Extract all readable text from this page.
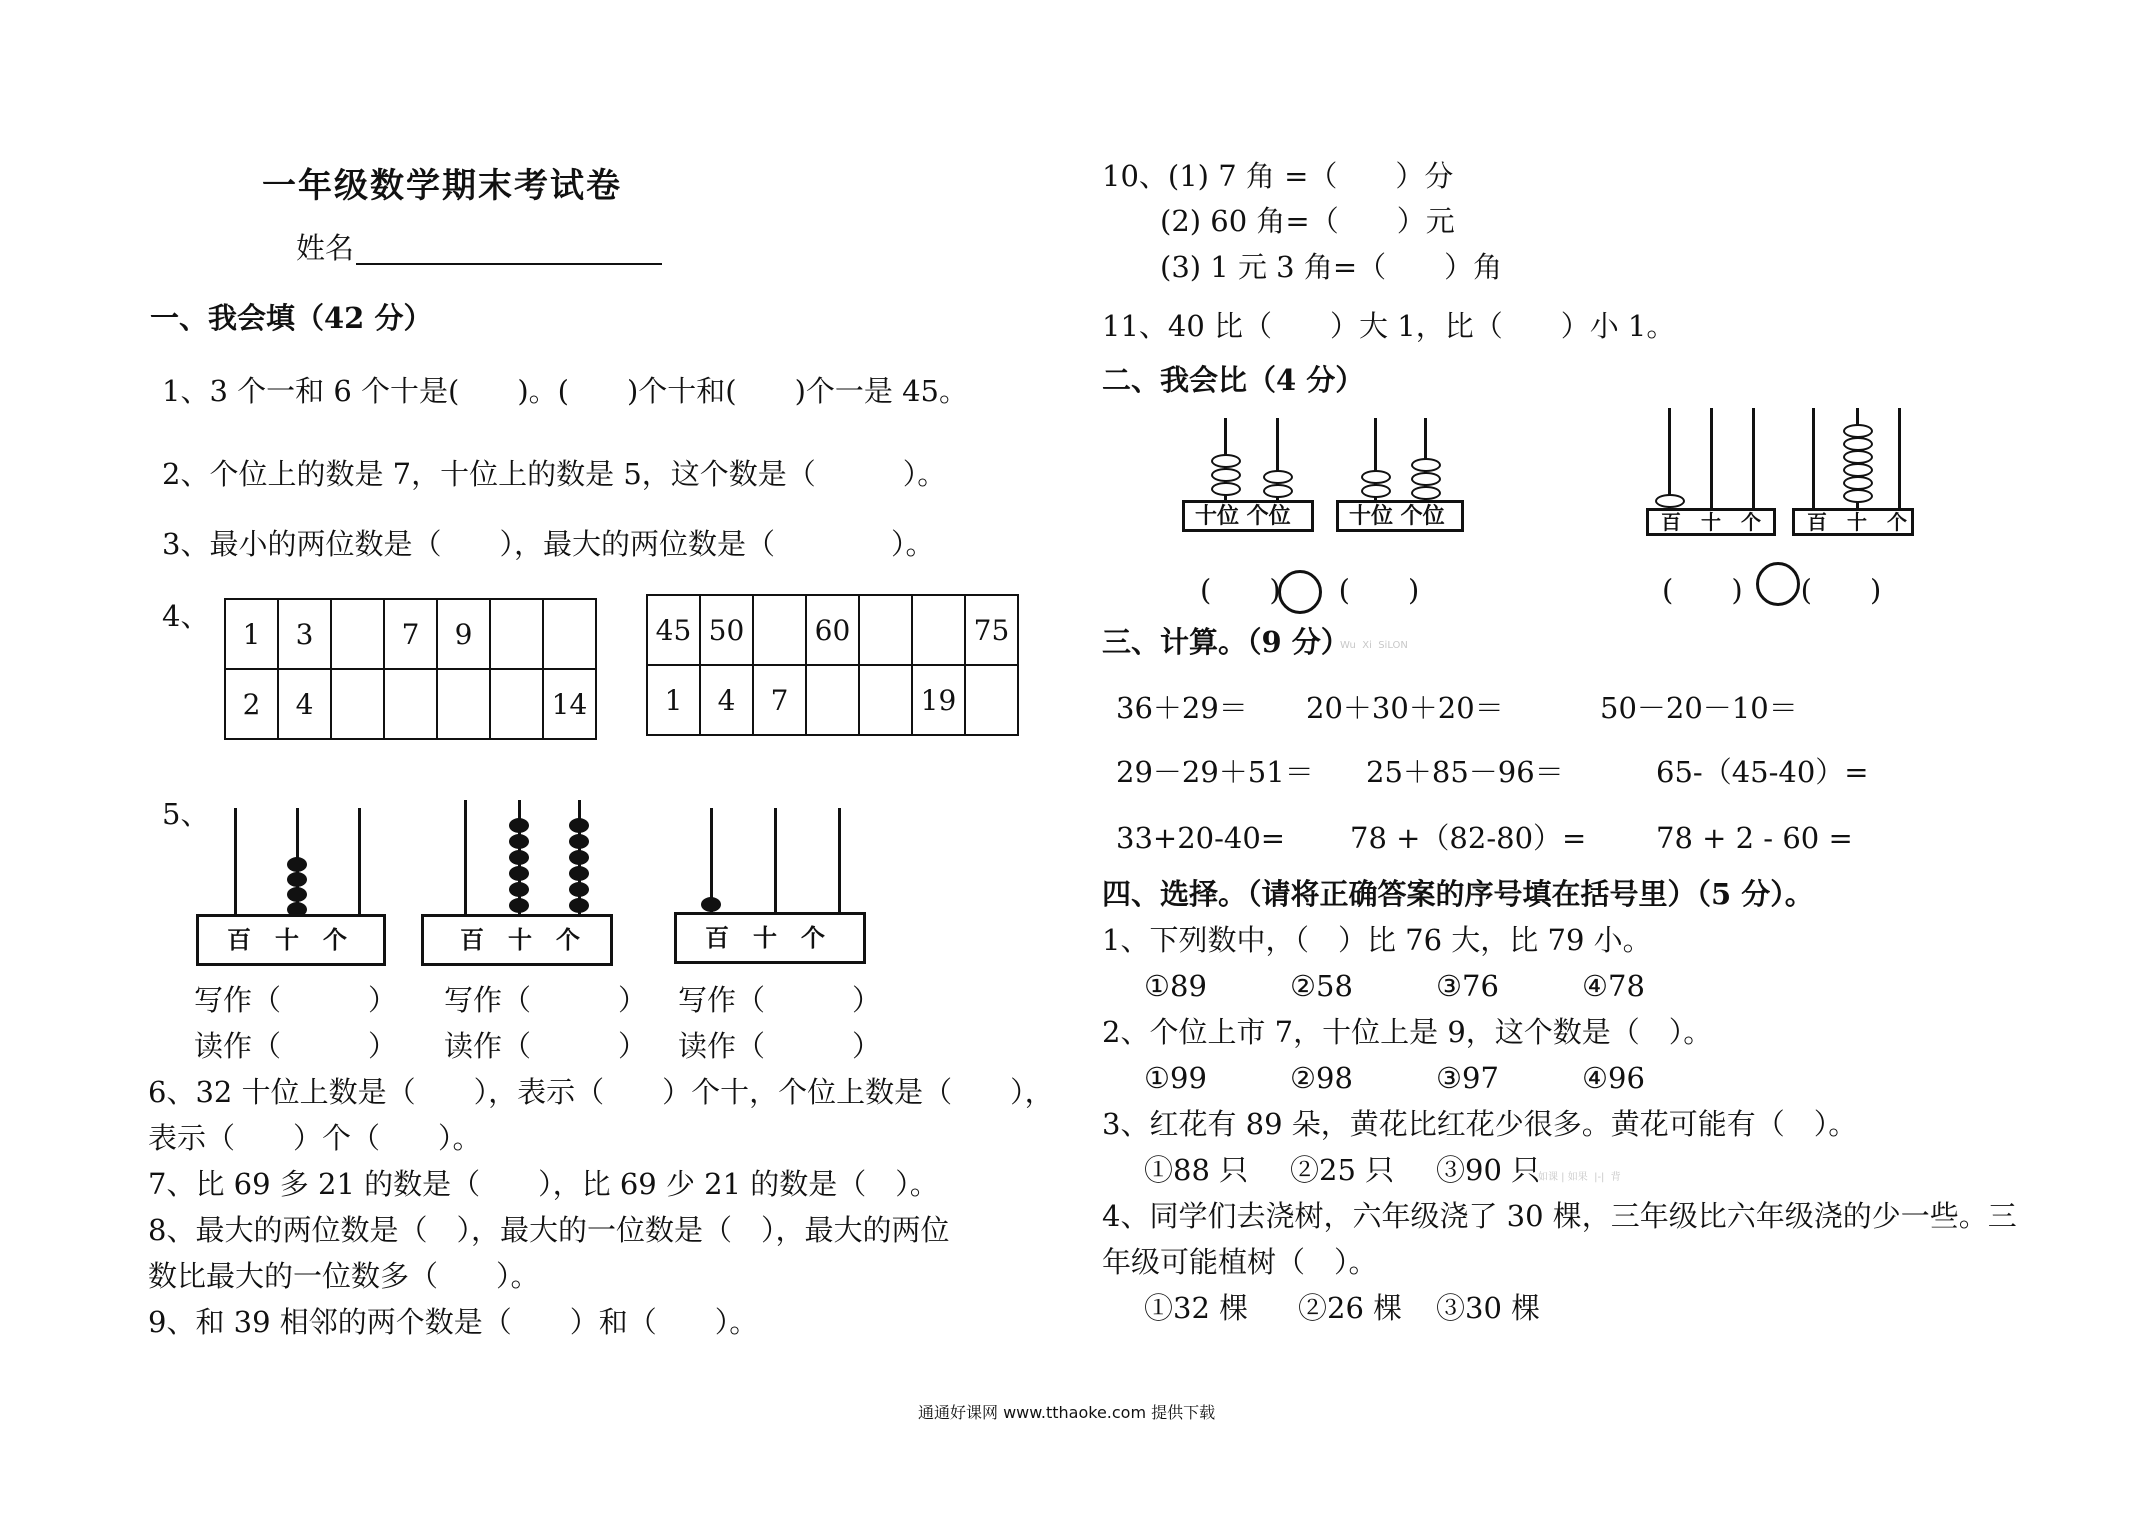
一年级数学期末考试卷
姓名
一、我会填（42 分）
1、3 个一和 6 个十是(　　)。(　　)个十和(　　)个一是 45。
2、个位上的数是 7，十位上的数是 5，这个数是（　　　）。
3、最小的两位数是（　　），最大的两位数是（　　　　）。
4、
1	3		7	9		
2	4					14
45	50		60			75
1	4	7			19	
5、
百　十　个	百　十　个	百　十　个
写作（　　　） 写作（　　　） 写作（　　　）
读作（　　　） 读作（　　　） 读作（　　　）
6、32 十位上数是（　　），表示（　　）个十，个位上数是（　　），
表示（　　）个（　　）。
7、比 69 多 21 的数是（　　），比 69 少 21 的数是（　）。
8、最大的两位数是（　），最大的一位数是（　），最大的两位
数比最大的一位数多（　　）。
9、和 39 相邻的两个数是（　　）和（　　）。
10、(1) 7 角 =（　　）分
(2) 60 角=（　　）元
(3) 1 元 3 角=（　　）角
11、40 比（　　）大 1，比（　　）小 1。
二、我会比（4 分）
十位 个位	十位 个位
(　　)　　(　　)
百　十　个 百　十　个
(　　)　　(　　)
三、计算。（9 分）
Wu  Xi  SiLON
36＋29＝ 20＋30＋20＝	50－20－10＝
29－29＋51＝ 25＋85－96＝	65-（45-40）=
33+20-40= 78 +（82-80）= 78 + 2 - 60 =
四、选择。（请将正确答案的序号填在括号里）（5 分）。
1、下列数中，（　）比 76 大，比 79 小。
①89	②58	③76	④78
2、个位上市 7，十位上是 9，这个数是（　）。
①99	②98	③97	④96
3、红花有 89 朵，黄花比红花少很多。黄花可能有（　）。
①88 只 ②25 只 ③90 只
如课 | 如果  |-|  背
4、同学们去浇树，六年级浇了 30 棵，三年级比六年级浇的少一些。三
年级可能植树（　）。
①32 棵 ②26 棵 ③30 棵
通通好课网 www.tthaoke.com 提供下载
